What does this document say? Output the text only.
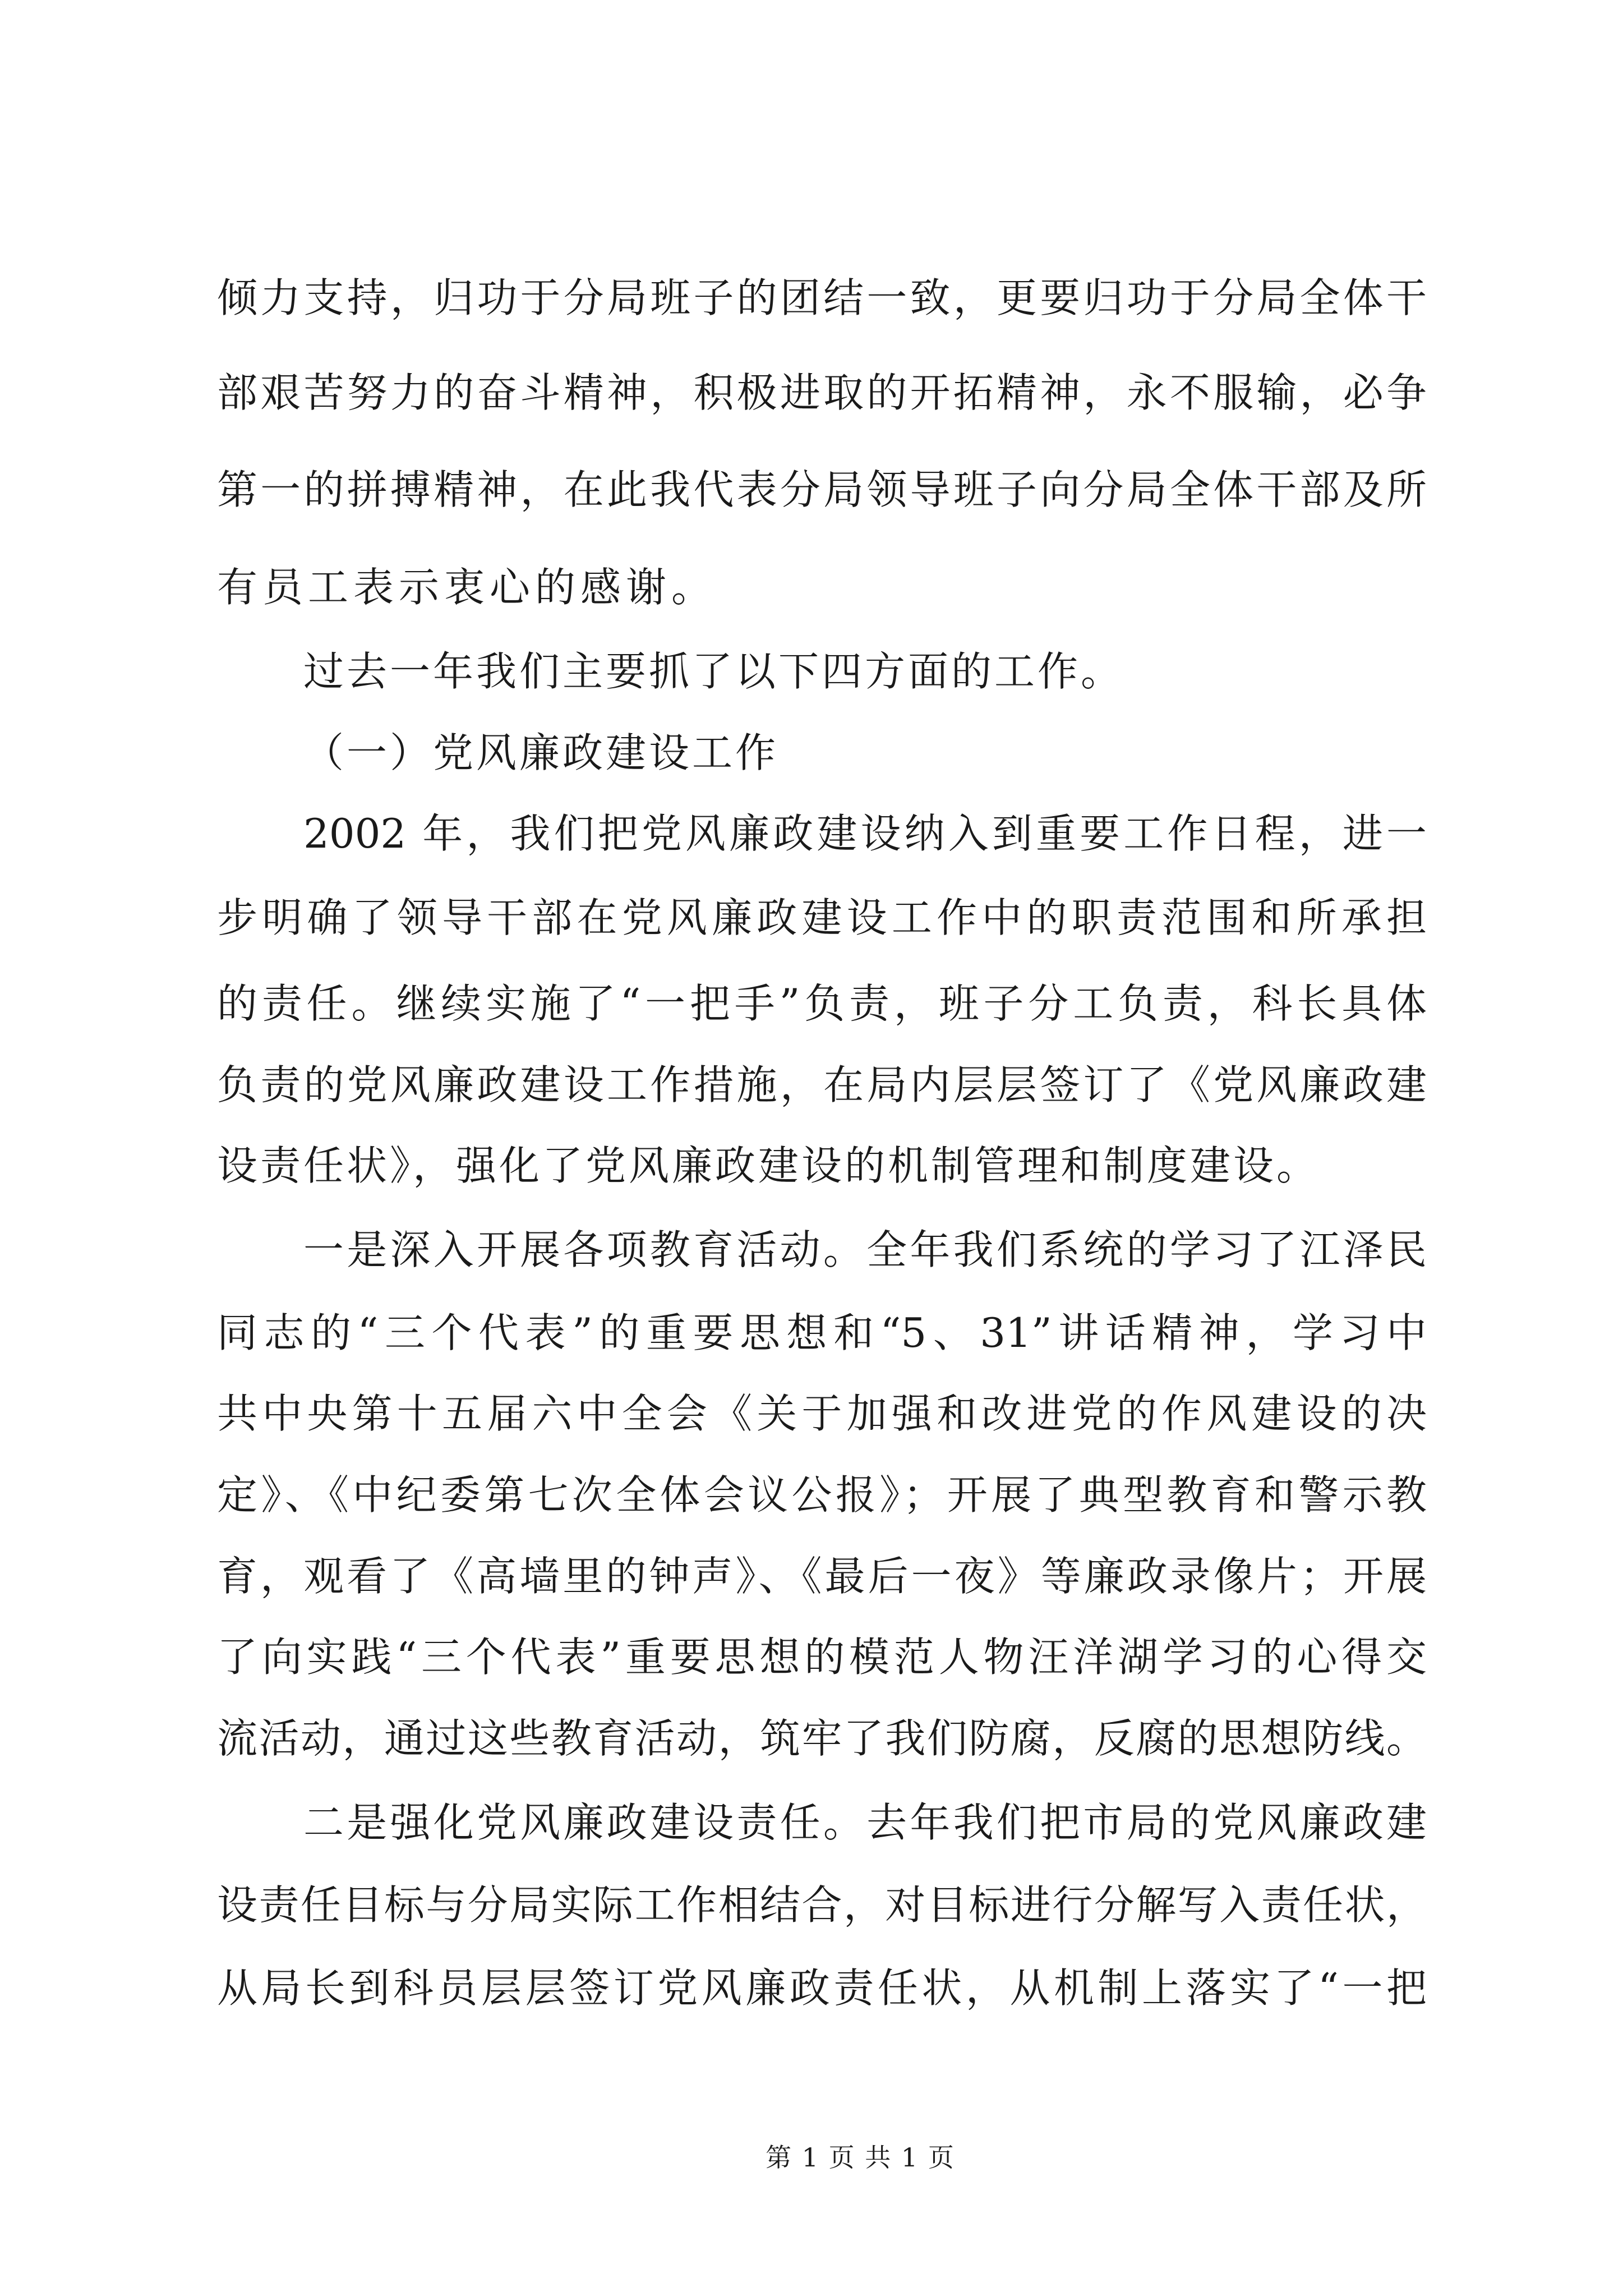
倾力支持，归功于分局班子的团结一致，更要归功于分局全体干
部艰苦努力的奋斗精神，积极进取的开拓精神，永不服输，必争
第一的拼搏精神，在此我代表分局领导班子向分局全体干部及所
有员工表示衷心的感谢。
过去一年我们主要抓了以下四方面的工作。
（一）党风廉政建设工作
2002 年，我们把党风廉政建设纳入到重要工作日程，进一
步明确了领导干部在党风廉政建设工作中的职责范围和所承担
的责任。继续实施了“一把手”负责，班子分工负责，科长具体
负责的党风廉政建设工作措施，在局内层层签订了《党风廉政建
设责任状》，强化了党风廉政建设的机制管理和制度建设。
一是深入开展各项教育活动。全年我们系统的学习了江泽民
同志的“三个代表”的重要思想和“5、31”讲话精神，学习中
共中央第十五届六中全会《关于加强和改进党的作风建设的决
定》、《中纪委第七次全体会议公报》；开展了典型教育和警示教
育，观看了《高墙里的钟声》、《最后一夜》等廉政录像片；开展
了向实践“三个代表”重要思想的模范人物汪洋湖学习的心得交
流活动，通过这些教育活动，筑牢了我们防腐，反腐的思想防线。
二是强化党风廉政建设责任。去年我们把市局的党风廉政建
设责任目标与分局实际工作相结合，对目标进行分解写入责任状，
从局长到科员层层签订党风廉政责任状，从机制上落实了“一把
第 1 页 共 1 页
